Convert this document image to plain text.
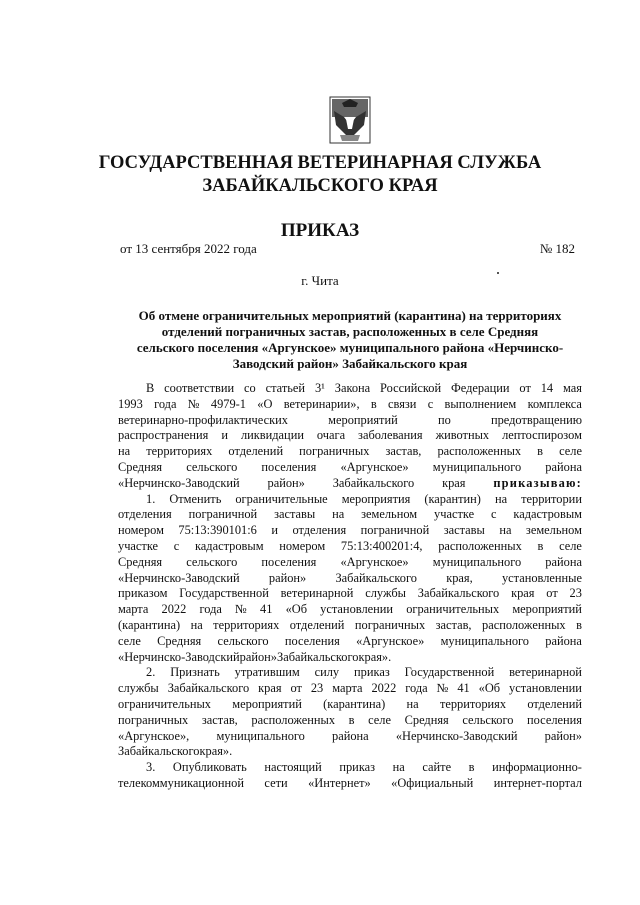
ГОСУДАРСТВЕННАЯ ВЕТЕРИНАРНАЯ СЛУЖБА
ЗАБАЙКАЛЬСКОГО КРАЯ
ПРИКАЗ
от 13 сентября 2022 года	№ 182
г. Чита
Об отмене ограничительных мероприятий (карантина) на территориях
отделений пограничных застав, расположенных в селе Средняя
сельского поселения «Аргунское» муниципального района «Нерчинско-
Заводский район» Забайкальского края
В соответствии со статьей 3¹ Закона Российской Федерации от 14 мая
1993 года № 4979-1 «О ветеринарии», в связи с выполнением комплекса
ветеринарно-профилактических	мероприятий	по	предотвращению
распространения и ликвидации очага заболевания животных лептоспирозом
на территориях отделений пограничных застав, расположенных в селе
Средняя сельского поселения «Аргунское» муниципального района
«Нерчинско-Заводский район» Забайкальского края приказываю:
1. Отменить ограничительные мероприятия (карантин) на территории
отделения пограничной заставы на земельном участке с кадастровым
номером 75:13:390101:6 и отделения пограничной заставы на земельном
участке с кадастровым номером 75:13:400201:4, расположенных в селе
Средняя сельского поселения «Аргунское» муниципального района
«Нерчинско-Заводский район» Забайкальского края, установленные
приказом Государственной ветеринарной службы Забайкальского края от 23
марта 2022 года № 41 «Об установлении ограничительных мероприятий
(карантина) на территориях отделений пограничных застав, расположенных в
селе Средняя сельского поселения «Аргунское» муниципального района
«Нерчинско-Заводский район» Забайкальского края».
2. Признать утратившим силу приказ Государственной ветеринарной
службы Забайкальского края от 23 марта 2022 года № 41 «Об установлении
ограничительных мероприятий (карантина) на территориях отделений
пограничных застав, расположенных в селе Средняя сельского поселения
«Аргунское», муниципального района «Нерчинско-Заводский район»
Забайкальского края».
3. Опубликовать настоящий приказ на сайте в информационно-
телекоммуникационной сети «Интернет» «Официальный интернет-портал
